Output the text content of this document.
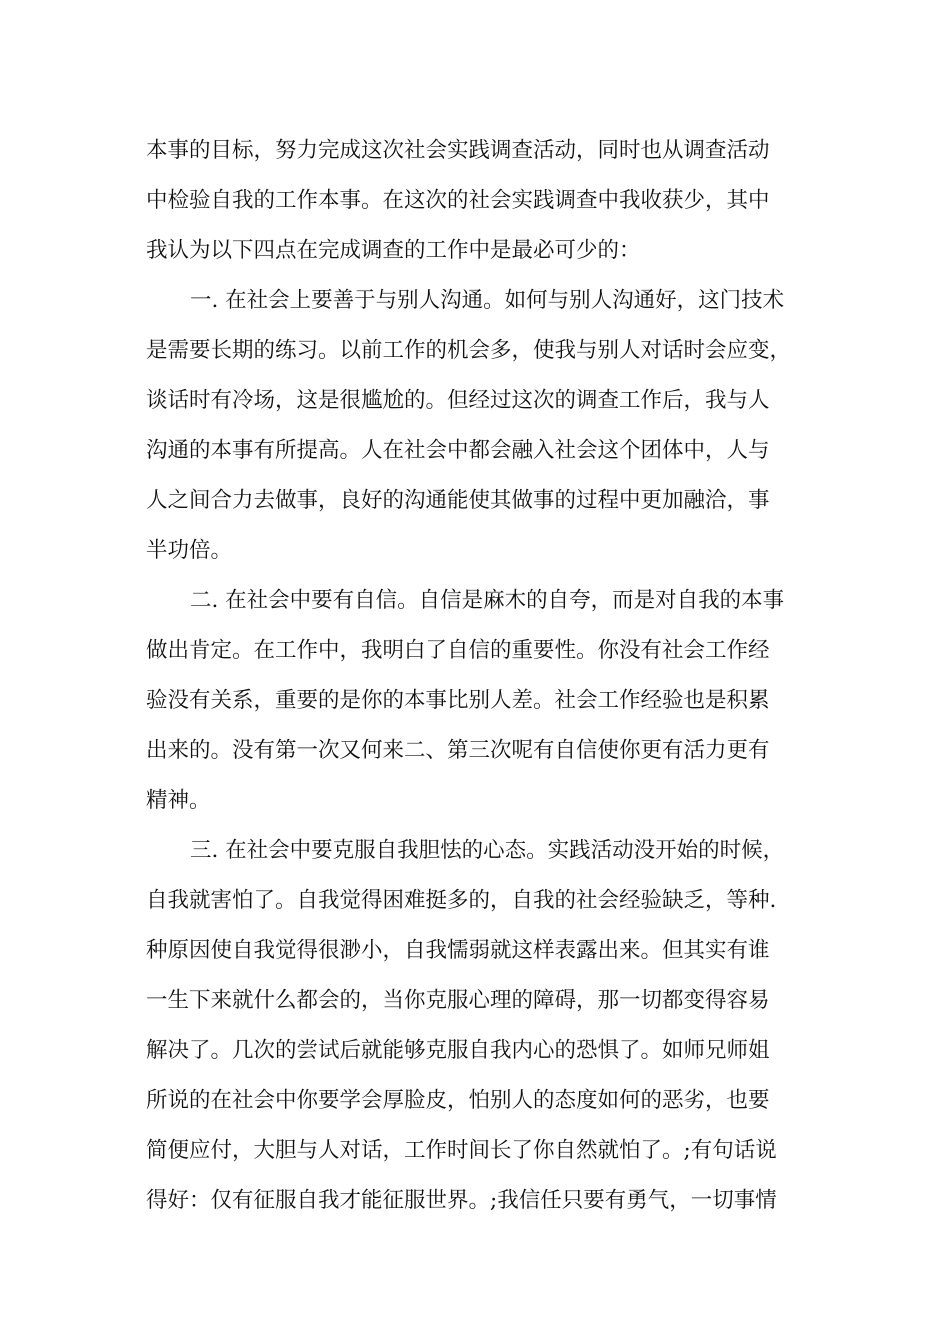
本事的目标，努力完成这次社会实践调查活动，同时也从调查活动
中检验自我的工作本事。在这次的社会实践调查中我收获少，其中
我认为以下四点在完成调查的工作中是最必可少的：
一. 在社会上要善于与别人沟通。如何与别人沟通好，这门技术
是需要长期的练习。以前工作的机会多，使我与别人对话时会应变，
谈话时有冷场，这是很尴尬的。但经过这次的调查工作后，我与人
沟通的本事有所提高。人在社会中都会融入社会这个团体中，人与
人之间合力去做事，良好的沟通能使其做事的过程中更加融洽，事
半功倍。
二. 在社会中要有自信。自信是麻木的自夸，而是对自我的本事
做出肯定。在工作中，我明白了自信的重要性。你没有社会工作经
验没有关系，重要的是你的本事比别人差。社会工作经验也是积累
出来的。没有第一次又何来二、第三次呢有自信使你更有活力更有
精神。
三. 在社会中要克服自我胆怯的心态。实践活动没开始的时候，
自我就害怕了。自我觉得困难挺多的，自我的社会经验缺乏，等种.
种原因使自我觉得很渺小，自我懦弱就这样表露出来。但其实有谁
一生下来就什么都会的，当你克服心理的障碍，那一切都变得容易
解决了。几次的尝试后就能够克服自我内心的恐惧了。如师兄师姐
所说的在社会中你要学会厚脸皮，怕别人的态度如何的恶劣，也要
简便应付，大胆与人对话，工作时间长了你自然就怕了。;有句话说
得好：仅有征服自我才能征服世界。;我信任只要有勇气，一切事情
